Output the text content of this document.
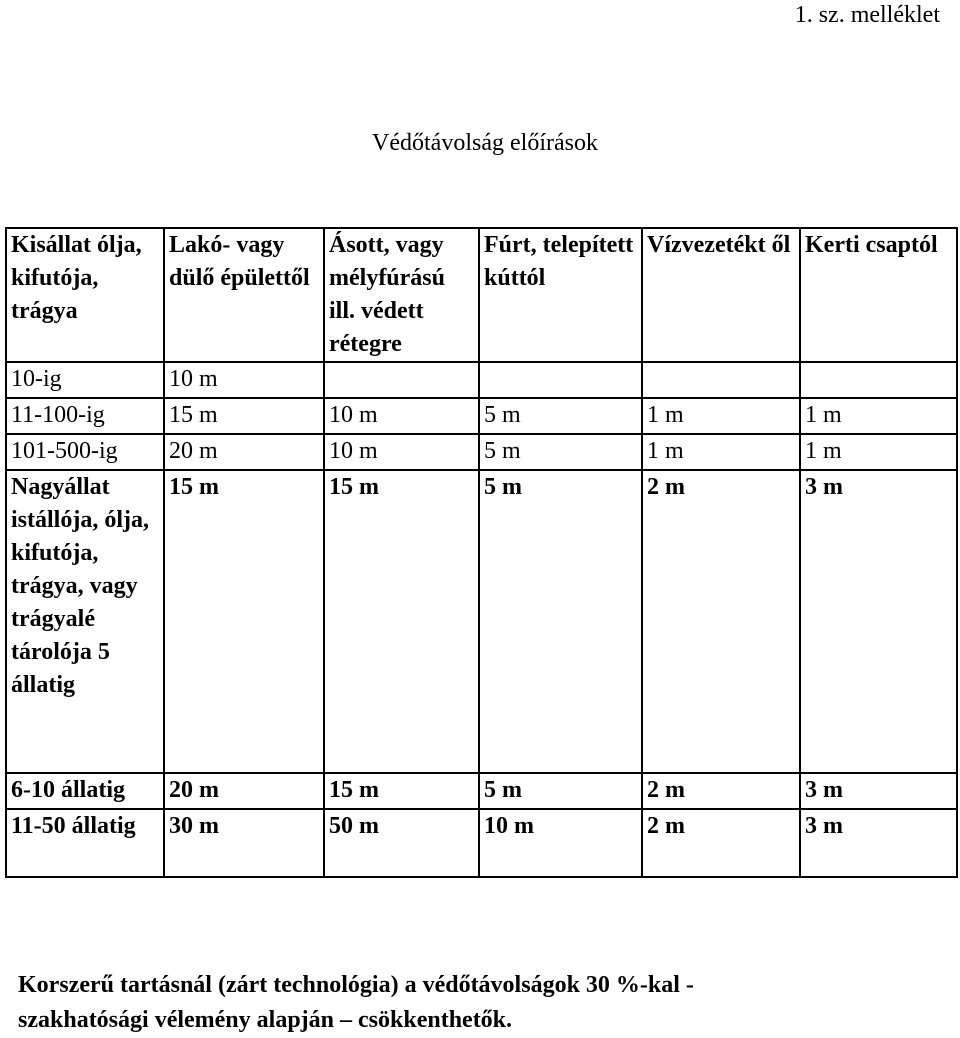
1. sz. melléklet
Védőtávolság előírások
Kisállat ólja, kifutója, trágya	Lakó- vagy dülő épülettől	Ásott, vagy mélyfúrású ill. védett rétegre	Fúrt, telepített kúttól	Vízvezetékt ől	Kerti csaptól
10-ig	10 m				
11-100-ig	15 m	10 m	5 m	1 m	1 m
101-500-ig	20 m	10 m	5 m	1 m	1 m
Nagyállat istállója, ólja, kifutója, trágya, vagy trágyalé tárolója 5 állatig	15 m	15 m	5 m	2 m	3 m
6-10 állatig	20 m	15 m	5 m	2 m	3 m
11-50 állatig	30 m	50 m	10 m	2 m	3 m
Korszerű tartásnál (zárt technológia) a védőtávolságok 30 %-kal -
szakhatósági vélemény alapján – csökkenthetők.
